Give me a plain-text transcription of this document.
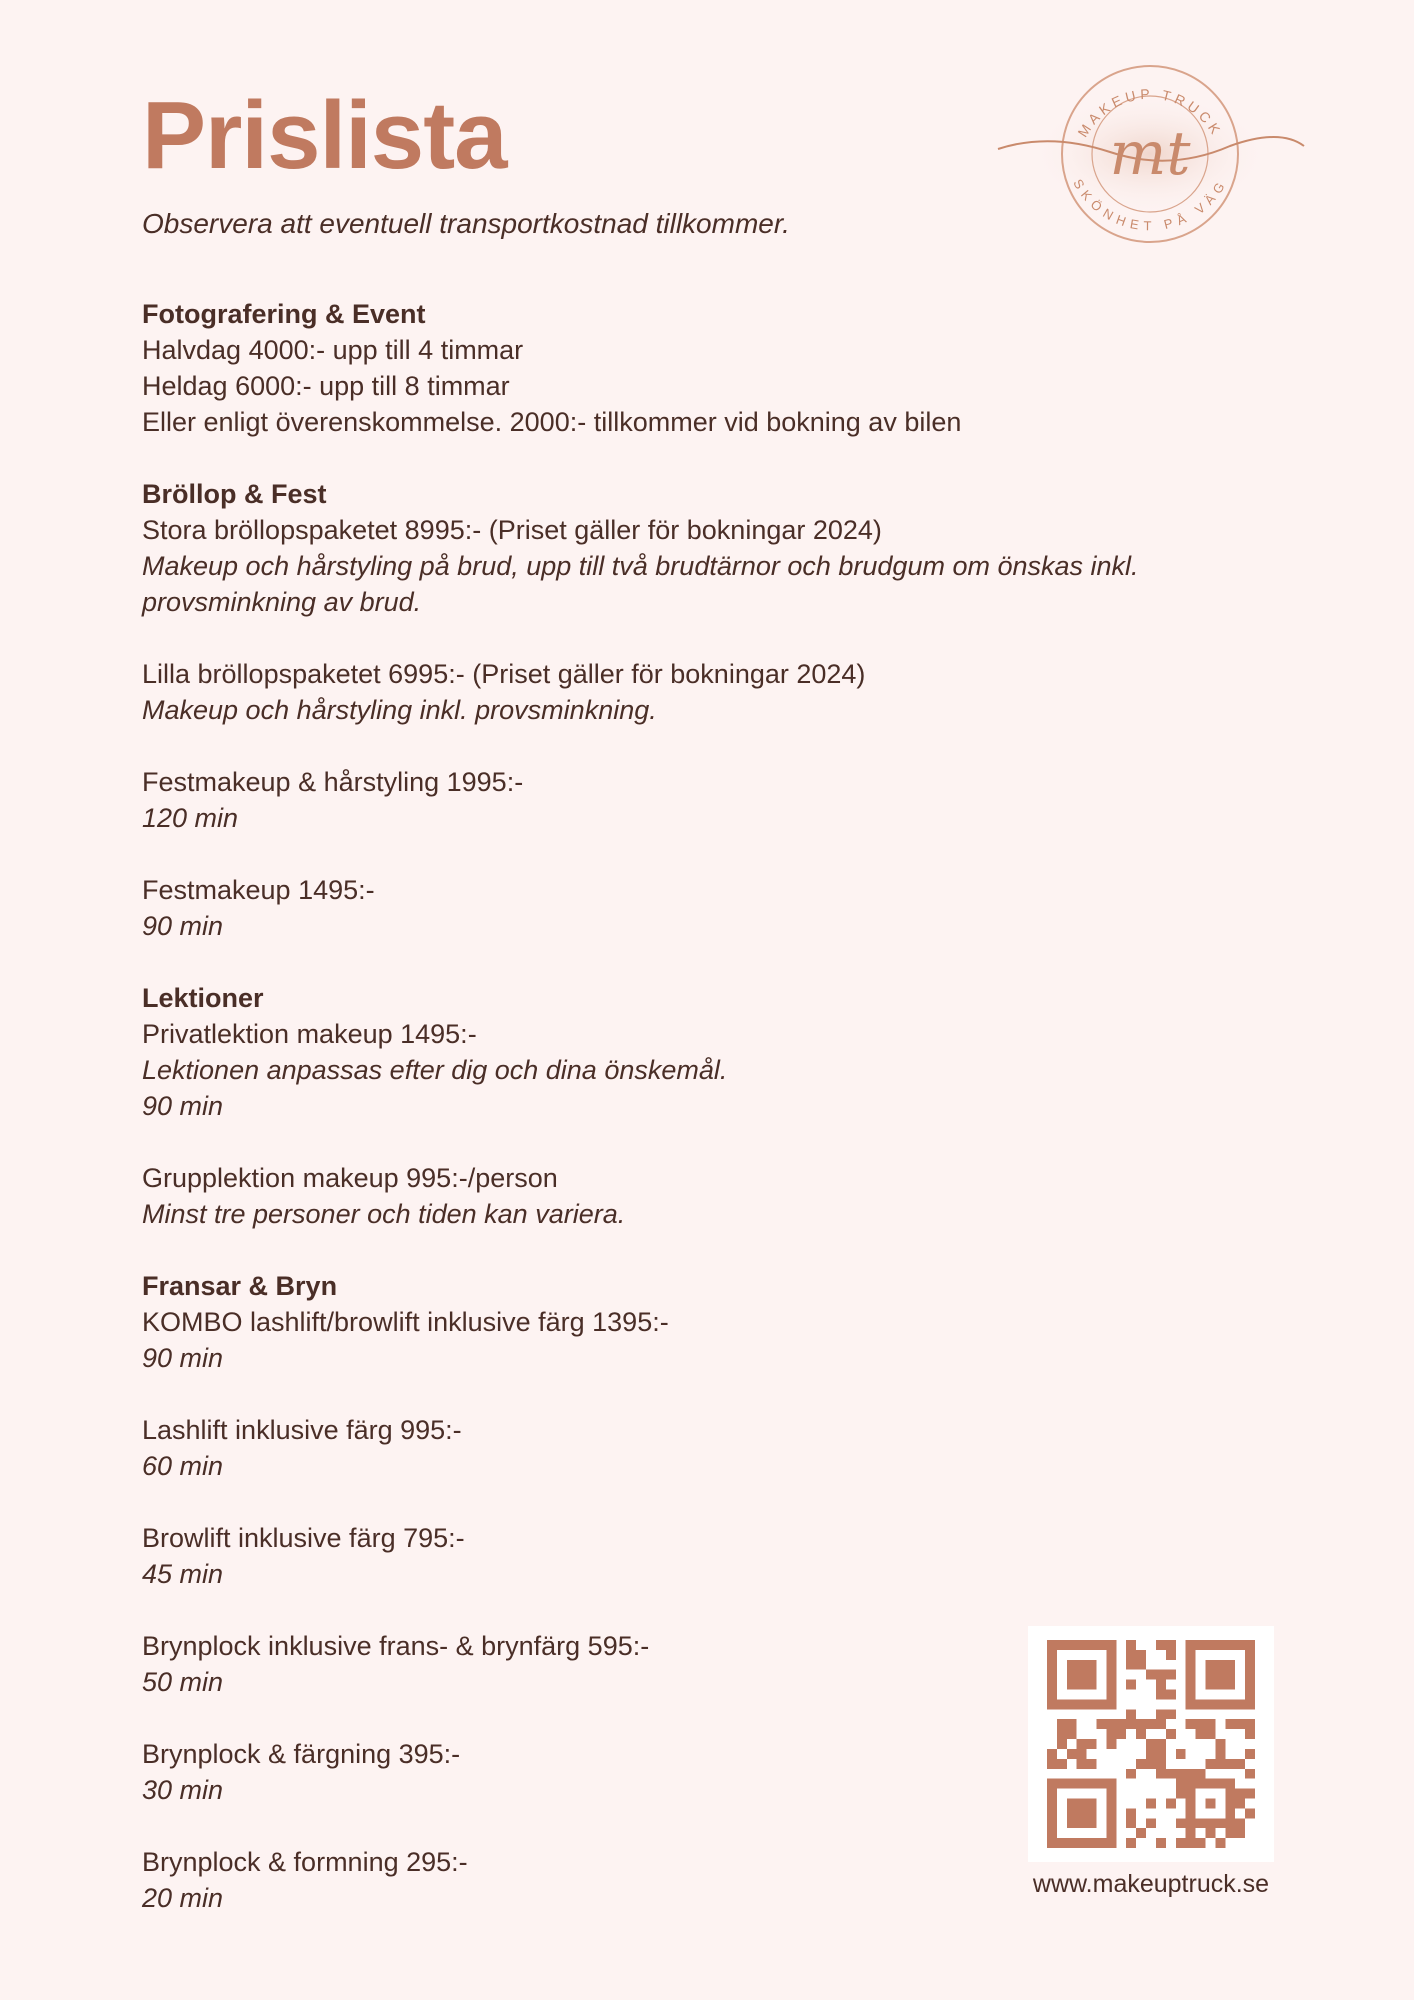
Prislista
Observera att eventuell transportkostnad tillkommer.
MAKEUP TRUCK
SKÖNHET PÅ VÄG
mt
Fotografering & Event
Halvdag 4000:- upp till 4 timmar
Heldag 6000:- upp till 8 timmar
Eller enligt överenskommelse. 2000:- tillkommer vid bokning av bilen
Bröllop & Fest
Stora bröllopspaketet 8995:- (Priset gäller för bokningar 2024)
Makeup och hårstyling på brud, upp till två brudtärnor och brudgum om önskas inkl.
provsminkning av brud.
Lilla bröllopspaketet 6995:- (Priset gäller för bokningar 2024)
Makeup och hårstyling inkl. provsminkning.
Festmakeup & hårstyling 1995:-
120 min
Festmakeup 1495:-
90 min
Lektioner
Privatlektion makeup 1495:-
Lektionen anpassas efter dig och dina önskemål.
90 min
Grupplektion makeup 995:-/person
Minst tre personer och tiden kan variera.
Fransar & Bryn
KOMBO lashlift/browlift inklusive färg 1395:-
90 min
Lashlift inklusive färg 995:-
60 min
Browlift inklusive färg 795:-
45 min
Brynplock inklusive frans- & brynfärg 595:-
50 min
Brynplock & färgning 395:-
30 min
Brynplock & formning 295:-
20 min	www.makeuptruck.se
